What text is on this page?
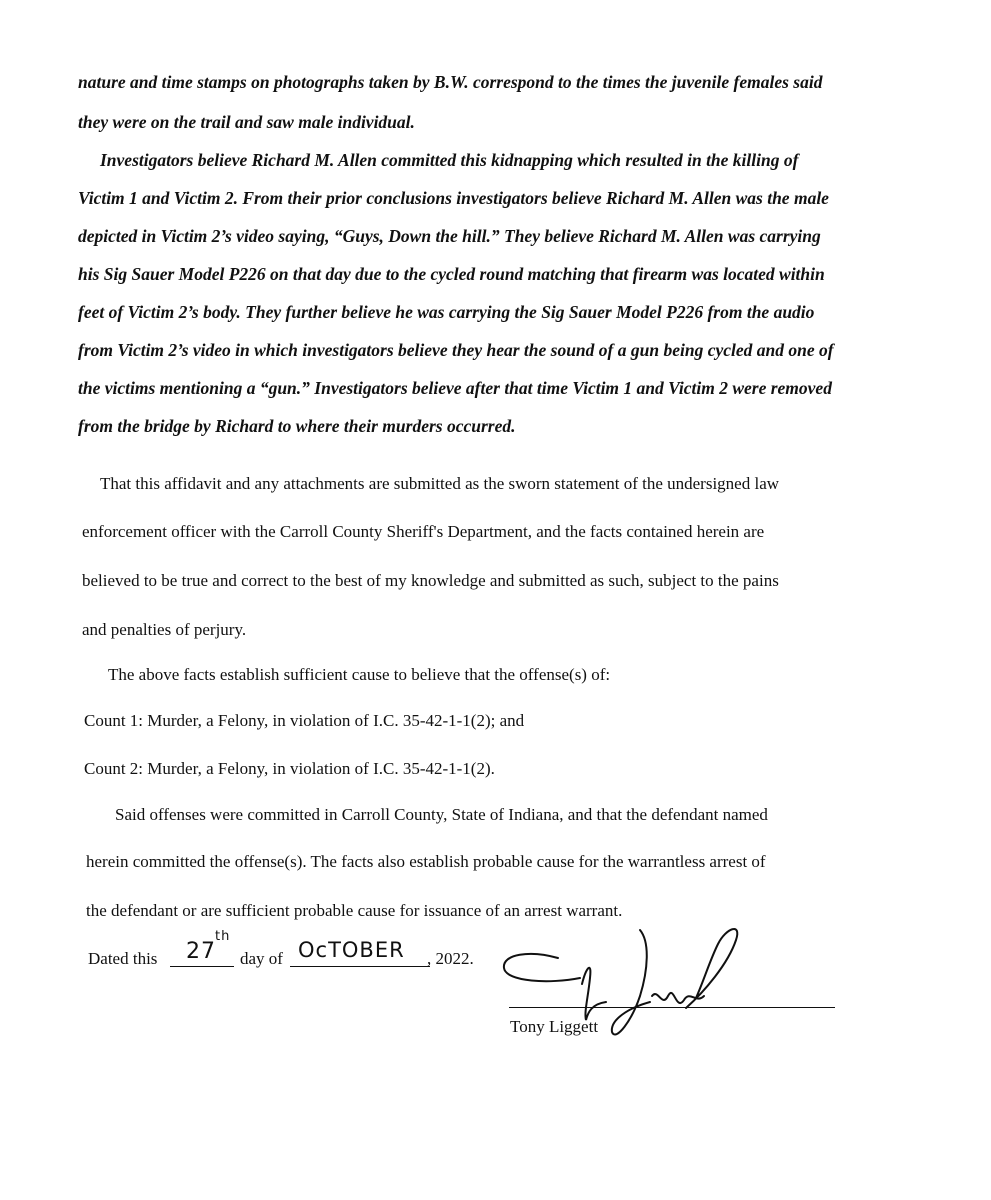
nature and time stamps on photographs taken by B.W. correspond to the times the juvenile females said
they were on the trail and saw male individual.
Investigators believe Richard M. Allen committed this kidnapping which resulted in the killing of
Victim 1 and Victim 2. From their prior conclusions investigators believe Richard M. Allen was the male
depicted in Victim 2’s video saying, “Guys, Down the hill.” They believe Richard M. Allen was carrying
his Sig Sauer Model P226 on that day due to the cycled round matching that firearm was located within
feet of Victim 2’s body. They further believe he was carrying the Sig Sauer Model P226 from the audio
from Victim 2’s video in which investigators believe they hear the sound of a gun being cycled and one of
the victims mentioning a “gun.” Investigators believe after that time Victim 1 and Victim 2 were removed
from the bridge by Richard to where their murders occurred.
That this affidavit and any attachments are submitted as the sworn statement of the undersigned law
enforcement officer with the Carroll County Sheriff's Department, and the facts contained herein are
believed to be true and correct to the best of my knowledge and submitted as such, subject to the pains
and penalties of perjury.
The above facts establish sufficient cause to believe that the offense(s) of:
Count 1: Murder, a Felony, in violation of I.C. 35-42-1-1(2); and
Count 2: Murder, a Felony, in violation of I.C. 35-42-1-1(2).
Said offenses were committed in Carroll County, State of Indiana, and that the defendant named
herein committed the offense(s). The facts also establish probable cause for the warrantless arrest of
the defendant or are sufficient probable cause for issuance of an arrest warrant.
Dated this 27
th
day of OcTOBER , 2022.
Tony Liggett
